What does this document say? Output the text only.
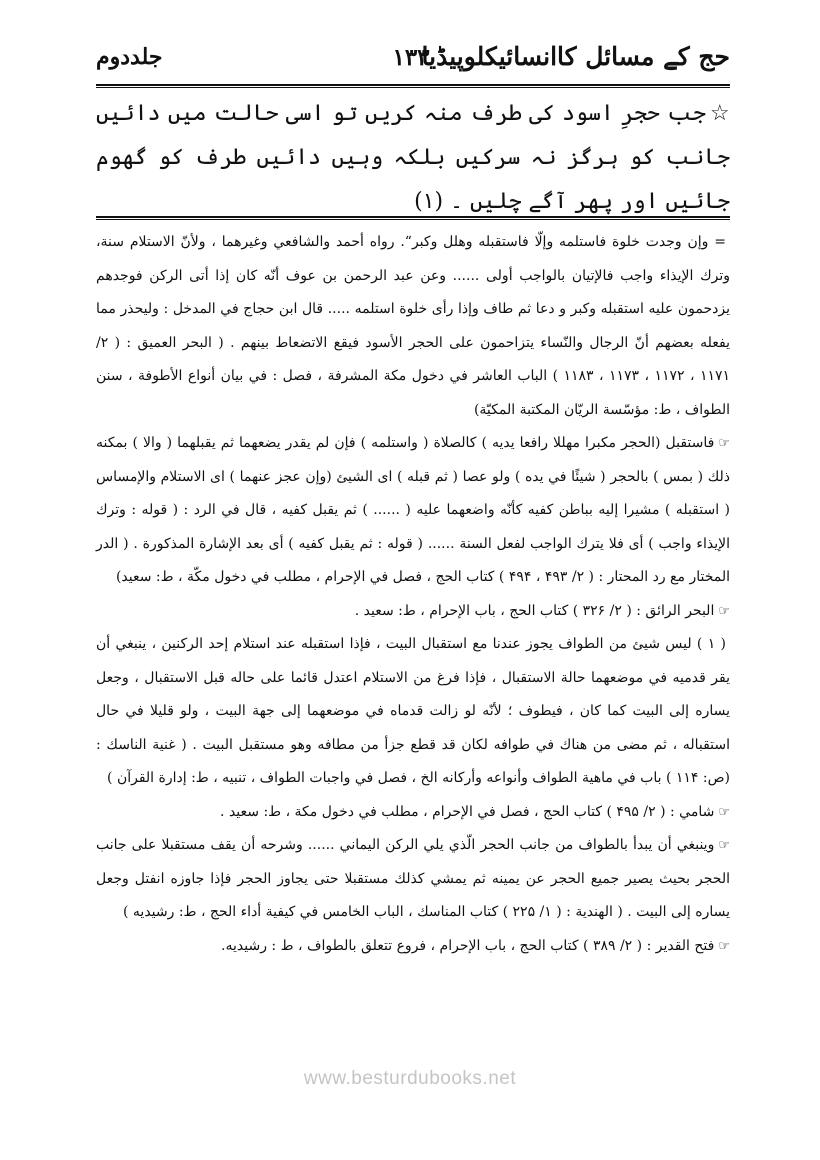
حج کے مسائل کاانسائیکلوپیڈیا
۱۳۳
جلددوم
☆جب حجرِ اسود کی طرف منہ کریں تو اسی حالت میں دائیں جانب کو ہرگز نہ سرکیں بلکہ وہیں دائیں طرف کو گھوم جائیں اور پھر آگے چلیں ۔ (۱)

= وإن وجدت خلوة فاستلمه وإلّا فاستقبله وهلل وكبر“. رواه أحمد والشافعي وغيرهما ، ولأنّ الاستلام سنة، وترك الإيذاء واجب فالإتيان بالواجب أولى ...... وعن عبد الرحمن بن عوف أنّه كان إذا أتى الركن فوجدهم يزدحمون عليه استقبله وكبر و دعا ثم طاف وإذا رأى خلوة استلمه ..... قال ابن حجاج في المدخل : وليحذر مما يفعله بعضهم أنّ الرجال والنّساء يتزاحمون على الحجر الأسود فيقع الاتضعاط بينهم . ( البحر العميق : ( ۲/ ۱۱۷۱ ، ۱۱۷۲ ، ۱۱۷۳ ، ۱۱۸۳ ) الباب العاشر في دخول مكة المشرفة ، فصل : في بيان أنواع الأطوفة ، سنن الطواف ، ط: مؤسّسة الريّان المكتبة المكيّة)

☞فاستقبل (الحجر مكبرا مهللا رافعا يديه ) كالصلاة ( واستلمه ) فإن لم يقدر يضعهما ثم يقبلهما ( والا ) بمكنه ذلك ( بمس ) بالحجر ( شيئًا في يده ) ولو عصا ( ثم قبله ) اى الشيئ (وإن عجز عنهما ) اى الاستلام والإمساس ( استقبله ) مشيرا إليه بباطن كفيه كأنّه واضعهما عليه ( ...... ) ثم يقبل كفيه ، قال في الرد : ( قوله : وترك الإيذاء واجب ) أى فلا يترك الواجب لفعل السنة ...... ( قوله : ثم يقبل كفيه ) أى بعد الإشارة المذكورة . ( الدر المختار مع رد المحتار : ( ۲/ ۴۹۳ ، ۴۹۴ ) كتاب الحج ، فصل في الإحرام ، مطلب في دخول مكّة ، ط: سعيد)

☞البحر الرائق : ( ۲/ ۳۲۶ ) كتاب الحج ، باب الإحرام ، ط: سعيد .

( ۱ ) ليس شيئ من الطواف يجوز عندنا مع استقبال البيت ، فإذا استقبله عند استلام إحد الركنين ، ينبغي أن يقر قدميه في موضعهما حالة الاستقبال ، فإذا فرغ من الاستلام اعتدل قائما على حاله قبل الاستقبال ، وجعل يساره إلى البيت كما كان ، فيطوف ؛ لأنّه لو زالت قدماه في موضعهما إلى جهة البيت ، ولو قليلا في حال استقباله ، ثم مضى من هناك في طوافه لكان قد قطع جزأ من مطافه وهو مستقبل البيت . ( غنية الناسك : (ص: ۱۱۴ ) باب في ماهية الطواف وأنواعه وأركانه الخ ، فصل في واجبات الطواف ، تنبيه ، ط: إدارة القرآن )

☞شامي : ( ۲/ ۴۹۵ ) كتاب الحج ، فصل في الإحرام ، مطلب في دخول مكة ، ط: سعيد .

☞وينبغي أن يبدأ بالطواف من جانب الحجر الّذي يلي الركن اليماني ...... وشرحه أن يقف مستقبلا على جانب الحجر بحيث يصير جميع الحجر عن يمينه ثم يمشي كذلك مستقبلا حتى يجاوز الحجر فإذا جاوزه انفتل وجعل يساره إلى البيت . ( الهندية : ( ۱/ ۲۲۵ ) كتاب المناسك ، الباب الخامس في كيفية أداء الحج ، ط: رشيديه )

☞فتح القدير : ( ۲/ ۳۸۹ ) كتاب الحج ، باب الإحرام ، فروع تتعلق بالطواف ، ط : رشيديه.

www.besturdubooks.net
